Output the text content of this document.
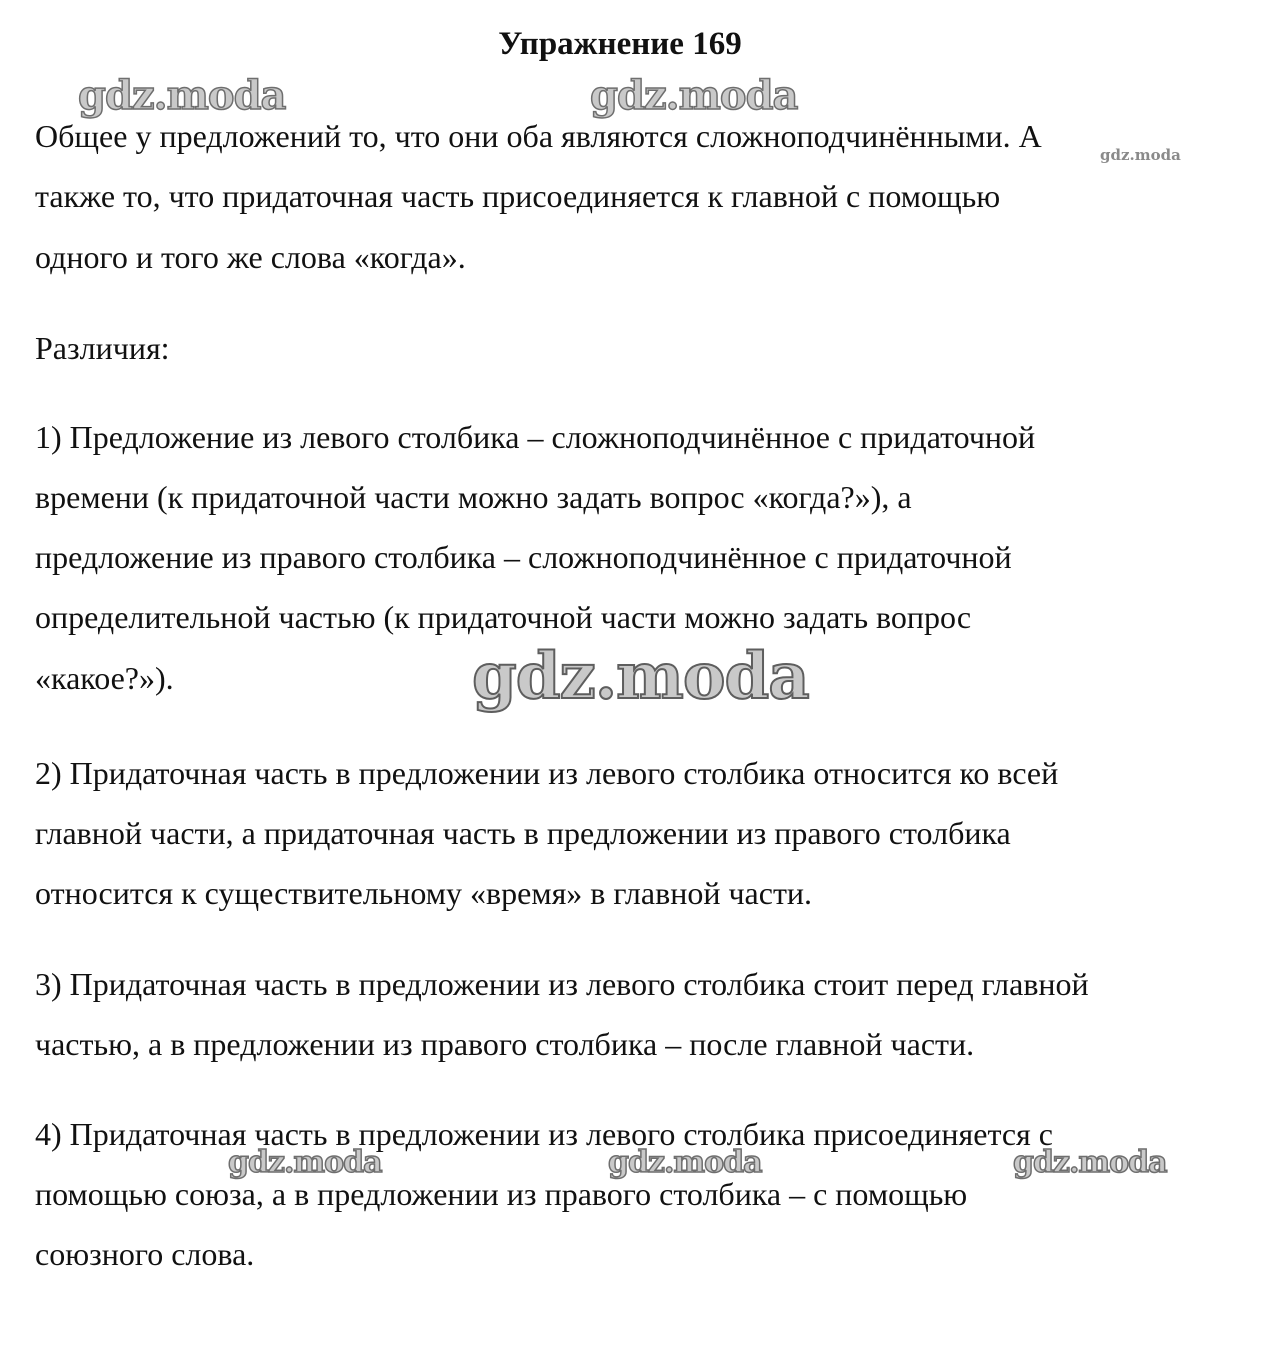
gdz.moda	gdz.moda
gdz.moda
gdz.moda
gdz.moda	gdz.moda	gdz.moda
Упражнение 169
Общее у предложений то, что они оба являются сложноподчинёнными. А
также то, что придаточная часть присоединяется к главной с помощью
одного и того же слова «когда».
Различия:
1) Предложение из левого столбика – сложноподчинённое с придаточной
времени (к придаточной части можно задать вопрос «когда?»), а
предложение из правого столбика – сложноподчинённое с придаточной
определительной частью (к придаточной части можно задать вопрос
«какое?»).
2) Придаточная часть в предложении из левого столбика относится ко всей
главной части, а придаточная часть в предложении из правого столбика
относится к существительному «время» в главной части.
3) Придаточная часть в предложении из левого столбика стоит перед главной
частью, а в предложении из правого столбика – после главной части.
4) Придаточная часть в предложении из левого столбика присоединяется с
помощью союза, а в предложении из правого столбика – с помощью
союзного слова.
